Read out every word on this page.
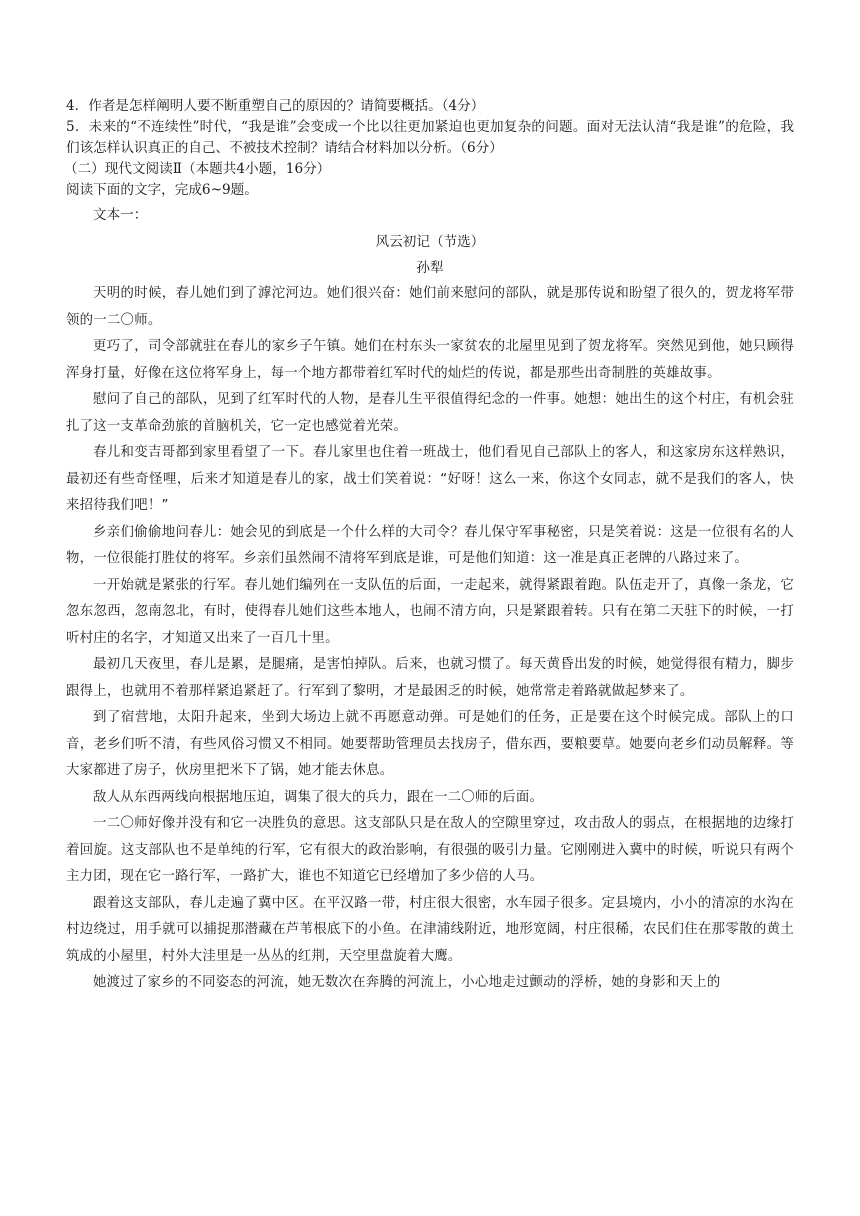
4．作者是怎样阐明人要不断重塑自己的原因的？请简要概括。（4分）

5．未来的“不连续性”时代，“我是谁”会变成一个比以往更加紧迫也更加复杂的问题。面对无法认清“我是谁”的危险，我们该怎样认识真正的自己、不被技术控制？请结合材料加以分析。（6分）

（二）现代文阅读Ⅱ（本题共4小题，16分）

阅读下面的文字，完成6~9题。

文本一：

风云初记（节选）

孙犁

天明的时候，春儿她们到了滹沱河边。她们很兴奋：她们前来慰问的部队，就是那传说和盼望了很久的，贺龙将军带领的一二〇师。

更巧了，司令部就驻在春儿的家乡子午镇。她们在村东头一家贫农的北屋里见到了贺龙将军。突然见到他，她只顾得浑身打量，好像在这位将军身上，每一个地方都带着红军时代的灿烂的传说，都是那些出奇制胜的英雄故事。

慰问了自己的部队，见到了红军时代的人物，是春儿生平很值得纪念的一件事。她想：她出生的这个村庄，有机会驻扎了这一支革命劲旅的首脑机关，它一定也感觉着光荣。

春儿和变吉哥都到家里看望了一下。春儿家里也住着一班战士，他们看见自己部队上的客人，和这家房东这样熟识，最初还有些奇怪哩，后来才知道是春儿的家，战士们笑着说：“好呀！这么一来，你这个女同志，就不是我们的客人，快来招待我们吧！”

乡亲们偷偷地问春儿：她会见的到底是一个什么样的大司令？春儿保守军事秘密，只是笑着说：这是一位很有名的人物，一位很能打胜仗的将军。乡亲们虽然闹不清将军到底是谁，可是他们知道：这一准是真正老牌的八路过来了。

一开始就是紧张的行军。春儿她们编列在一支队伍的后面，一走起来，就得紧跟着跑。队伍走开了，真像一条龙，它忽东忽西，忽南忽北，有时，使得春儿她们这些本地人，也闹不清方向，只是紧跟着转。只有在第二天驻下的时候，一打听村庄的名字，才知道又出来了一百几十里。

最初几天夜里，春儿是累，是腿痛，是害怕掉队。后来，也就习惯了。每天黄昏出发的时候，她觉得很有精力，脚步跟得上，也就用不着那样紧追紧赶了。行军到了黎明，才是最困乏的时候，她常常走着路就做起梦来了。

到了宿营地，太阳升起来，坐到大场边上就不再愿意动弹。可是她们的任务，正是要在这个时候完成。部队上的口音，老乡们听不清，有些风俗习惯又不相同。她要帮助管理员去找房子，借东西，要粮要草。她要向老乡们动员解释。等大家都进了房子，伙房里把米下了锅，她才能去休息。

敌人从东西两线向根据地压迫，调集了很大的兵力，跟在一二〇师的后面。

一二〇师好像并没有和它一决胜负的意思。这支部队只是在敌人的空隙里穿过，攻击敌人的弱点，在根据地的边缘打着回旋。这支部队也不是单纯的行军，它有很大的政治影响，有很强的吸引力量。它刚刚进入冀中的时候，听说只有两个主力团，现在它一路行军，一路扩大，谁也不知道它已经增加了多少倍的人马。

跟着这支部队，春儿走遍了冀中区。在平汉路一带，村庄很大很密，水车园子很多。定县境内，小小的清凉的水沟在村边绕过，用手就可以捕捉那潜藏在芦苇根底下的小鱼。在津浦线附近，地形宽阔，村庄很稀，农民们住在那零散的黄土筑成的小屋里，村外大洼里是一丛丛的红荆，天空里盘旋着大鹰。

她渡过了家乡的不同姿态的河流，她无数次在奔腾的河流上，小心地走过颤动的浮桥，她的身影和天上的
